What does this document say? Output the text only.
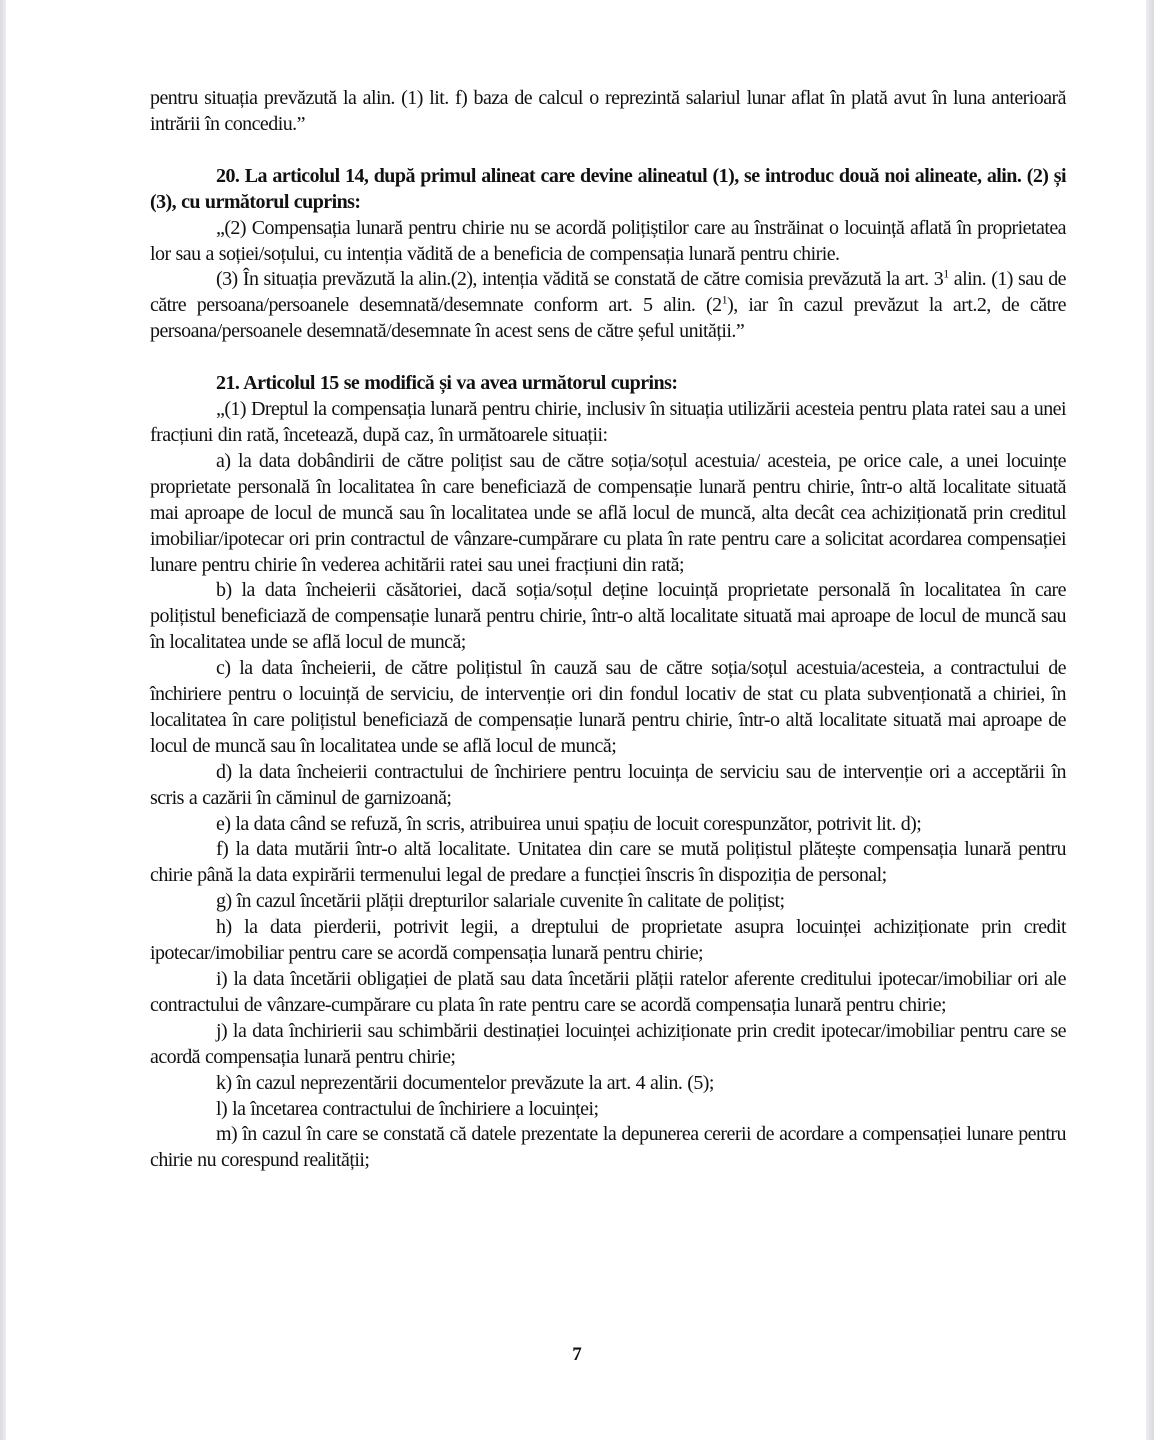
pentru situația prevăzută la alin. (1) lit. f) baza de calcul o reprezintă salariul lunar aflat în plată avut în luna anterioară intrării în concediu.”

20. La articolul 14, după primul alineat care devine alineatul (1), se introduc două noi alineate, alin. (2) și (3), cu următorul cuprins:

„(2) Compensația lunară pentru chirie nu se acordă polițiștilor care au înstrăinat o locuință aflată în proprietatea lor sau a soției/soțului, cu intenția vădită de a beneficia de compensația lunară pentru chirie.

(3) În situația prevăzută la alin.(2), intenția vădită se constată de către comisia prevăzută la art. $3^1$ alin. (1) sau de către persoana/persoanele desemnată/desemnate conform art. 5 alin. $(2^1)$, iar în cazul prevăzut la art.2, de către persoana/persoanele desemnată/desemnate în acest sens de către șeful unității.”

21. Articolul 15 se modifică și va avea următorul cuprins:

„(1) Dreptul la compensația lunară pentru chirie, inclusiv în situația utilizării acesteia pentru plata ratei sau a unei fracțiuni din rată, încetează, după caz, în următoarele situații:

a) la data dobândirii de către polițist sau de către soția/soțul acestuia/ acesteia, pe orice cale, a unei locuințe proprietate personală în localitatea în care beneficiază de compensație lunară pentru chirie, într-o altă localitate situată mai aproape de locul de muncă sau în localitatea unde se află locul de muncă, alta decât cea achiziționată prin creditul imobiliar/ipotecar ori prin contractul de vânzare-cumpărare cu plata în rate pentru care a solicitat acordarea compensației lunare pentru chirie în vederea achitării ratei sau unei fracțiuni din rată;

b) la data încheierii căsătoriei, dacă soția/soțul deține locuință proprietate personală în localitatea în care polițistul beneficiază de compensație lunară pentru chirie, într-o altă localitate situată mai aproape de locul de muncă sau în localitatea unde se află locul de muncă;

c) la data încheierii, de către polițistul în cauză sau de către soția/soțul acestuia/acesteia, a contractului de închiriere pentru o locuință de serviciu, de intervenție ori din fondul locativ de stat cu plata subvenționată a chiriei, în localitatea în care polițistul beneficiază de compensație lunară pentru chirie, într-o altă localitate situată mai aproape de locul de muncă sau în localitatea unde se află locul de muncă;

d) la data încheierii contractului de închiriere pentru locuința de serviciu sau de intervenție ori a acceptării în scris a cazării în căminul de garnizoană;

e) la data când se refuză, în scris, atribuirea unui spațiu de locuit corespunzător, potrivit lit. d);

f) la data mutării într-o altă localitate. Unitatea din care se mută polițistul plătește compensația lunară pentru chirie până la data expirării termenului legal de predare a funcției înscris în dispoziția de personal;

g) în cazul încetării plății drepturilor salariale cuvenite în calitate de polițist;

h) la data pierderii, potrivit legii, a dreptului de proprietate asupra locuinței achiziționate prin credit ipotecar/imobiliar pentru care se acordă compensația lunară pentru chirie;

i) la data încetării obligației de plată sau data încetării plății ratelor aferente creditului ipotecar/imobiliar ori ale contractului de vânzare-cumpărare cu plata în rate pentru care se acordă compensația lunară pentru chirie;

j) la data închirierii sau schimbării destinației locuinței achiziționate prin credit ipotecar/imobiliar pentru care se acordă compensația lunară pentru chirie;

k) în cazul neprezentării documentelor prevăzute la art. 4 alin. (5);

l) la încetarea contractului de închiriere a locuinței;

m) în cazul în care se constată că datele prezentate la depunerea cererii de acordare a compensației lunare pentru chirie nu corespund realității;

7
